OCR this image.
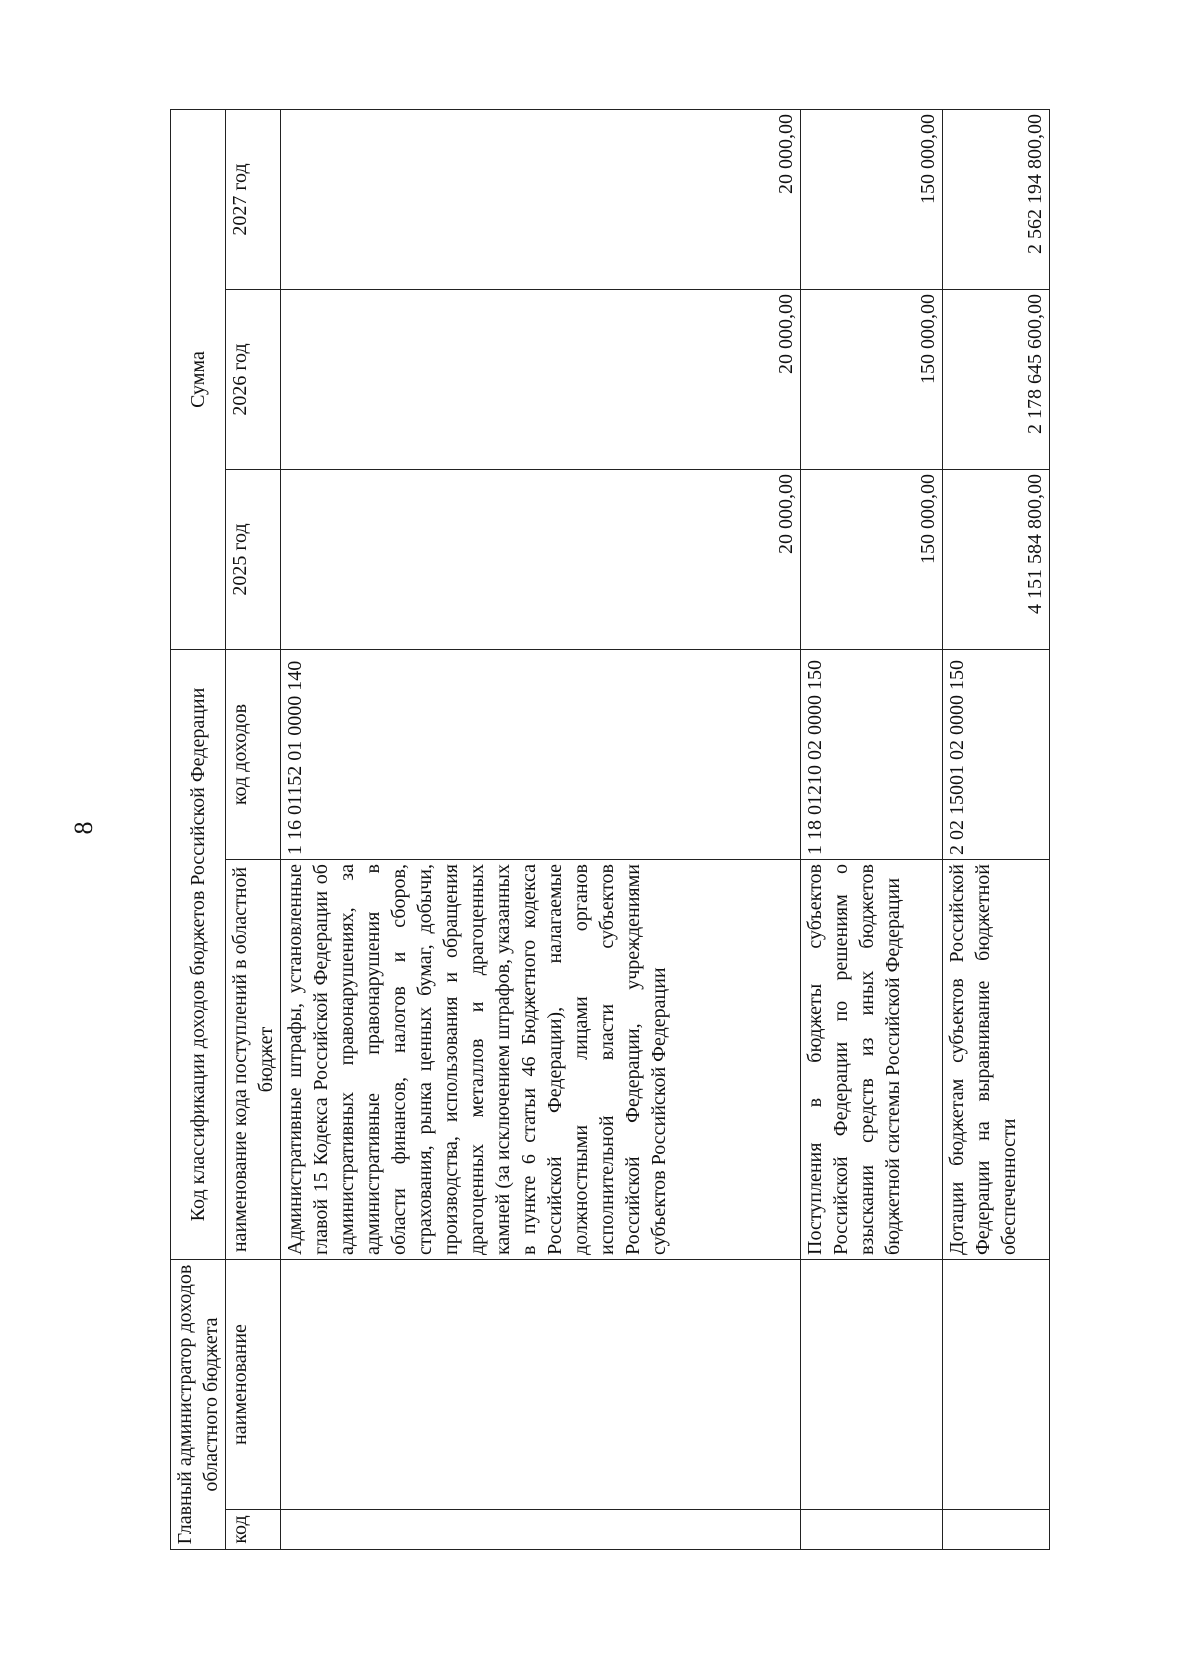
8
Главный администратор доходов областного бюджета		Код классификации доходов бюджетов Российской Федерации		Сумма		
код	наименование	наименование кода поступлений в областной бюджет	код доходов	2025 год	2026 год	2027 год
		Административные штрафы, установленные главой 15 Кодекса Российской Федерации об административных правонарушениях, за административные правонарушения в области финансов, налогов и сборов, страхования, рынка ценных бумаг, добычи, производства, использования и обращения драгоценных металлов и драгоценных камней (за исключением штрафов, указанных в пункте 6 статьи 46 Бюджетного кодекса Российской Федерации), налагаемые должностными лицами органов исполнительной власти субъектов Российской Федерации, учреждениями субъектов Российской Федерации	1 16 01152 01 0000 140	20 000,00	20 000,00	20 000,00
		Поступления в бюджеты субъектов Российской Федерации по решениям о взыскании средств из иных бюджетов бюджетной системы Российской Федерации	1 18 01210 02 0000 150	150 000,00	150 000,00	150 000,00
		Дотации бюджетам субъектов Российской Федерации на выравнивание бюджетной обеспеченности	2 02 15001 02 0000 150	4 151 584 800,00	2 178 645 600,00	2 562 194 800,00
